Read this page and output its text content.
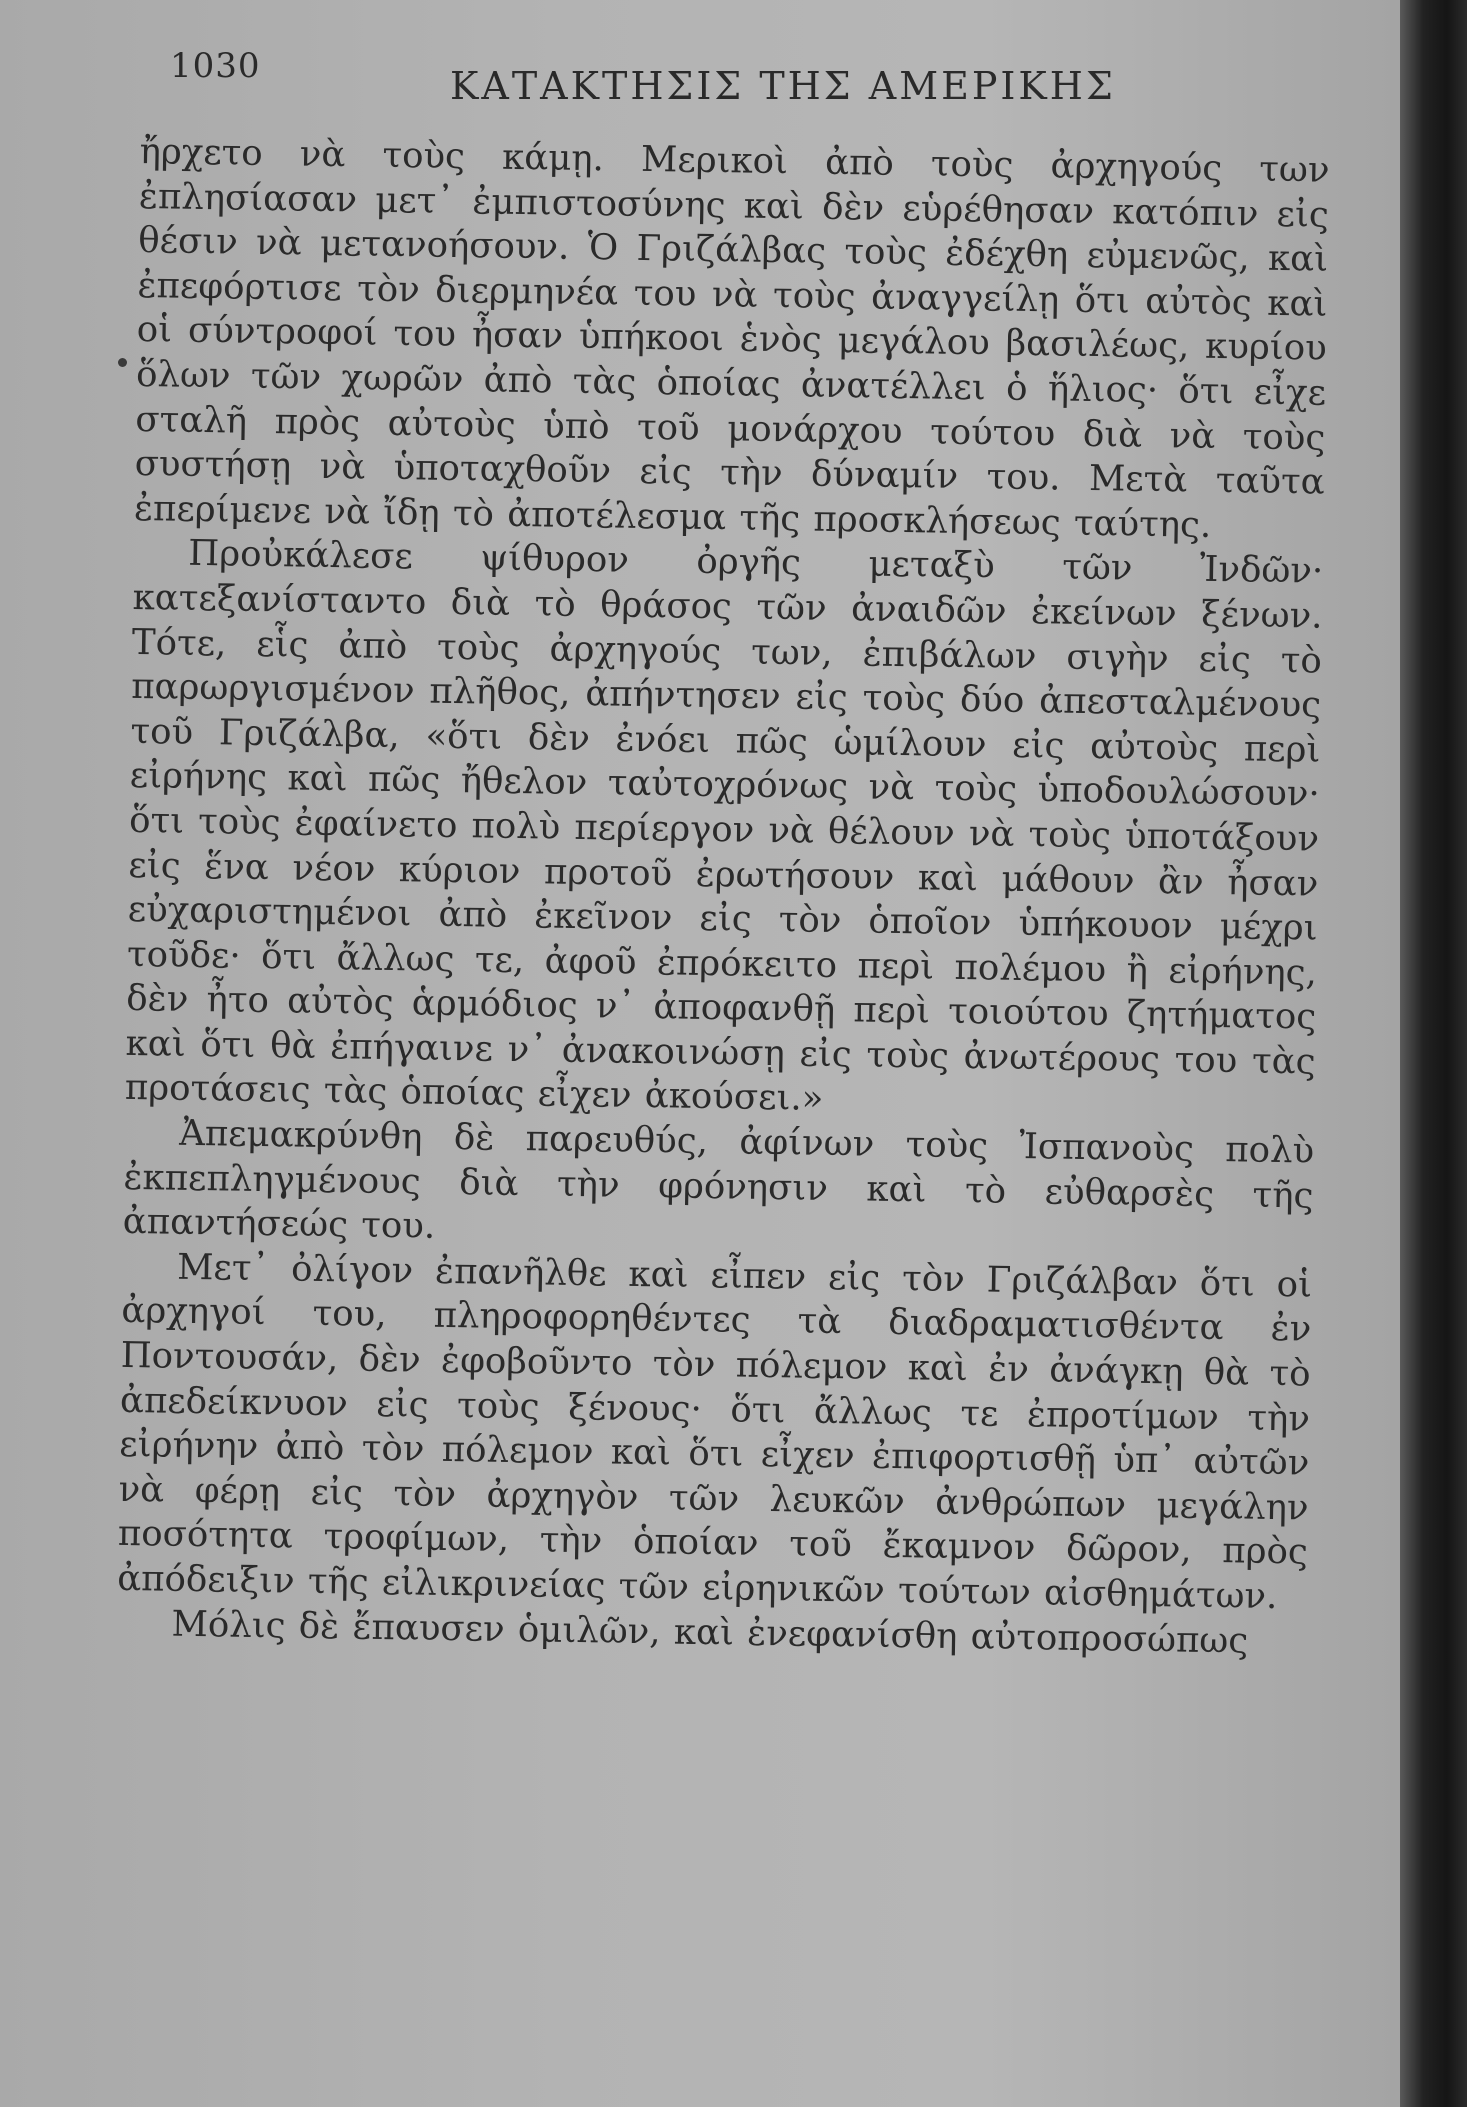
1030	ΚΑΤΑΚΤΗΣΙΣ ΤΗΣ ΑΜΕΡΙΚΗΣ

ἤρχετο νὰ τοὺς κάμῃ. Μερικοὶ ἀπὸ τοὺς ἀρχηγούς των ἐπλησίασαν μετ᾽ ἐμπιστοσύνης καὶ δὲν εὑρέθησαν κατόπιν εἰς θέσιν νὰ μετανοήσουν. Ὁ Γριζάλβας τοὺς ἐδέχθη εὐμενῶς, καὶ ἐπεφόρτισε τὸν διερμηνέα του νὰ τοὺς ἀναγγείλῃ ὅτι αὐτὸς καὶ οἱ σύντροφοί του ἦσαν ὑπήκοοι ἑνὸς μεγάλου βασιλέως, κυρίου ὅλων τῶν χωρῶν ἀπὸ τὰς ὁποίας ἀνατέλλει ὁ ἥλιος· ὅτι εἶχε σταλῆ πρὸς αὐτοὺς ὑπὸ τοῦ μονάρχου τούτου διὰ νὰ τοὺς συστήσῃ νὰ ὑποταχθοῦν εἰς τὴν δύναμίν του. Μετὰ ταῦτα ἐπερίμενε νὰ ἴδῃ τὸ ἀποτέλεσμα τῆς προσκλήσεως ταύτης.

Προὐκάλεσε ψίθυρον ὀργῆς μεταξὺ τῶν Ἰνδῶν· κατεξανίσταντο διὰ τὸ θράσος τῶν ἀναιδῶν ἐκείνων ξένων. Τότε, εἷς ἀπὸ τοὺς ἀρχηγούς των, ἐπιβάλων σιγὴν εἰς τὸ παρωργισμένον πλῆθος, ἀπήντησεν εἰς τοὺς δύο ἀπεσταλμένους τοῦ Γριζάλβα, «ὅτι δὲν ἐνόει πῶς ὡμίλουν εἰς αὐτοὺς περὶ εἰρήνης καὶ πῶς ἤθελον ταὐτοχρόνως νὰ τοὺς ὑποδουλώσουν· ὅτι τοὺς ἐφαίνετο πολὺ περίεργον νὰ θέλουν νὰ τοὺς ὑποτάξουν εἰς ἕνα νέον κύριον προτοῦ ἐρωτήσουν καὶ μάθουν ἂν ἦσαν εὐχαριστημένοι ἀπὸ ἐκεῖνον εἰς τὸν ὁποῖον ὑπήκουον μέχρι τοῦδε· ὅτι ἄλλως τε, ἀφοῦ ἐπρόκειτο περὶ πολέμου ἢ εἰρήνης, δὲν ἦτο αὐτὸς ἁρμόδιος ν᾽ ἀποφανθῇ περὶ τοιούτου ζητήματος καὶ ὅτι θὰ ἐπήγαινε ν᾽ ἀνακοινώσῃ εἰς τοὺς ἀνωτέρους του τὰς προτάσεις τὰς ὁποίας εἶχεν ἀκούσει.»

Ἀπεμακρύνθη δὲ παρευθύς, ἀφίνων τοὺς Ἰσπανοὺς πολὺ ἐκπεπληγμένους διὰ τὴν φρόνησιν καὶ τὸ εὐθαρσὲς τῆς ἀπαντήσεώς του.

Μετ᾽ ὀλίγον ἐπανῆλθε καὶ εἶπεν εἰς τὸν Γριζάλβαν ὅτι οἱ ἀρχηγοί του, πληροφορηθέντες τὰ διαδραματισθέντα ἐν Ποντουσάν, δὲν ἐφοβοῦντο τὸν πόλεμον καὶ ἐν ἀνάγκῃ θὰ τὸ ἀπεδείκνυον εἰς τοὺς ξένους· ὅτι ἄλλως τε ἐπροτίμων τὴν εἰρήνην ἀπὸ τὸν πόλεμον καὶ ὅτι εἶχεν ἐπιφορτισθῇ ὑπ᾽ αὐτῶν νὰ φέρῃ εἰς τὸν ἀρχηγὸν τῶν λευκῶν ἀνθρώπων μεγάλην ποσότητα τροφίμων, τὴν ὁποίαν τοῦ ἔκαμνον δῶρον, πρὸς ἀπόδειξιν τῆς εἰλικρινείας τῶν εἰρηνικῶν τούτων αἰσθημάτων.

Μόλις δὲ ἔπαυσεν ὁμιλῶν, καὶ ἐνεφανίσθη αὐτοπροσώπως
